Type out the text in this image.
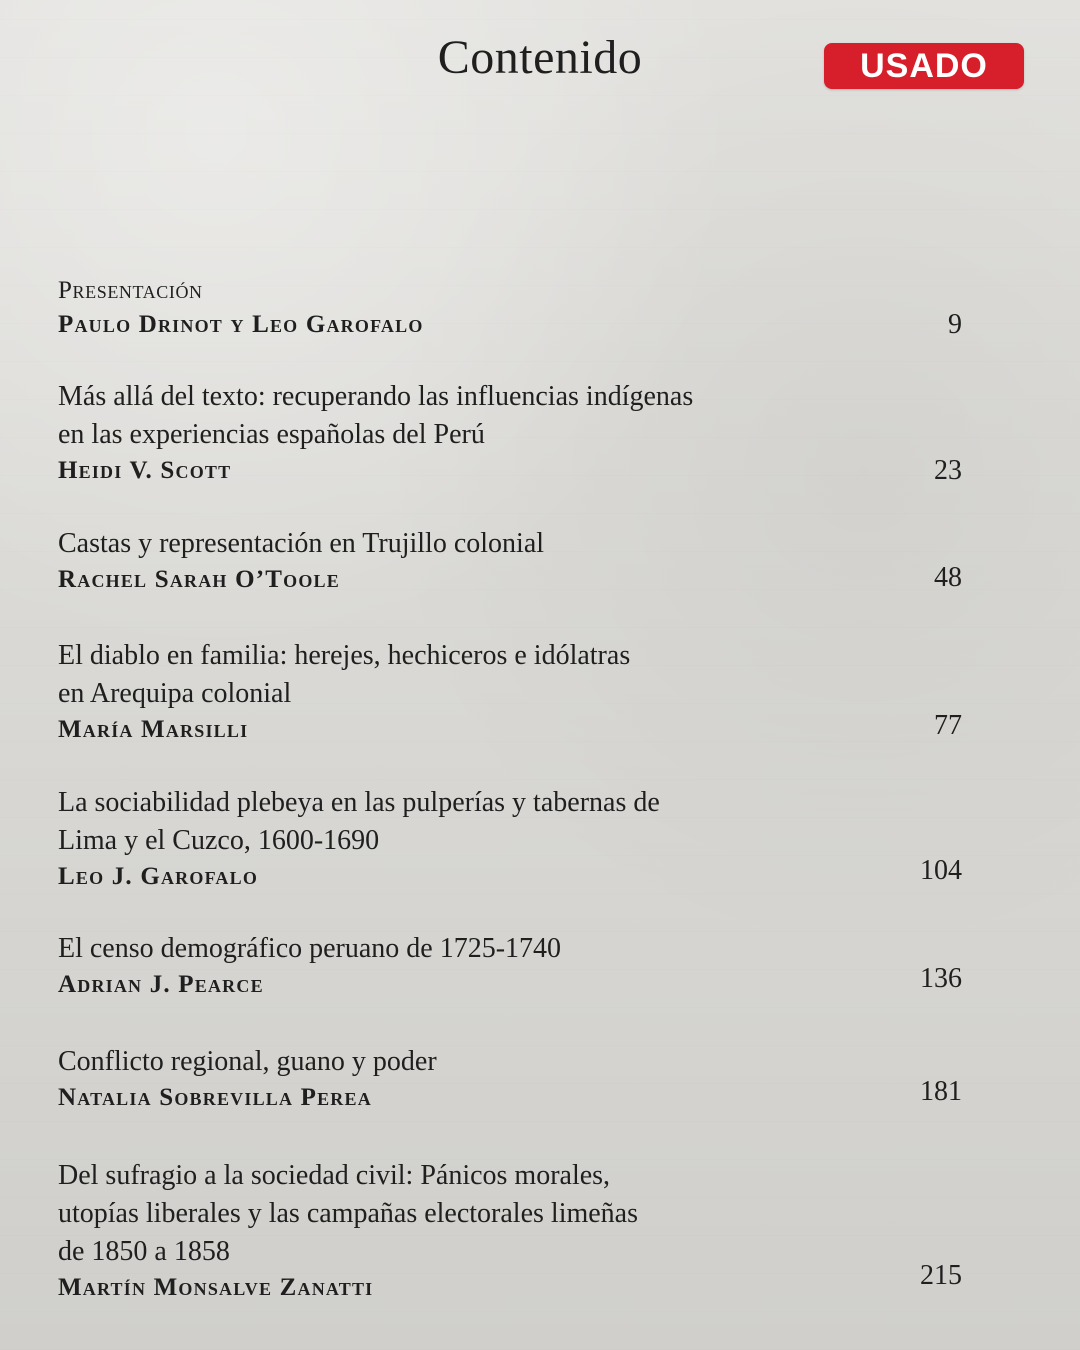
Contenido	USADO

Presentación

Paulo Drinot y Leo Garofalo	9

Más allá del texto: recuperando las influencias indígenas
en las experiencias españolas del Perú

Heidi V. Scott	23

Castas y representación en Trujillo colonial

Rachel Sarah O’Toole	48

El diablo en familia: herejes, hechiceros e idólatras
en Arequipa colonial

María Marsilli	77

La sociabilidad plebeya en las pulperías y tabernas de
Lima y el Cuzco, 1600-1690

Leo J. Garofalo	104

El censo demográfico peruano de 1725-1740

Adrian J. Pearce	136

Conflicto regional, guano y poder

Natalia Sobrevilla Perea	181

Del sufragio a la sociedad civil: Pánicos morales,
utopías liberales y las campañas electorales limeñas
de 1850 a 1858

Martín Monsalve Zanatti	215
